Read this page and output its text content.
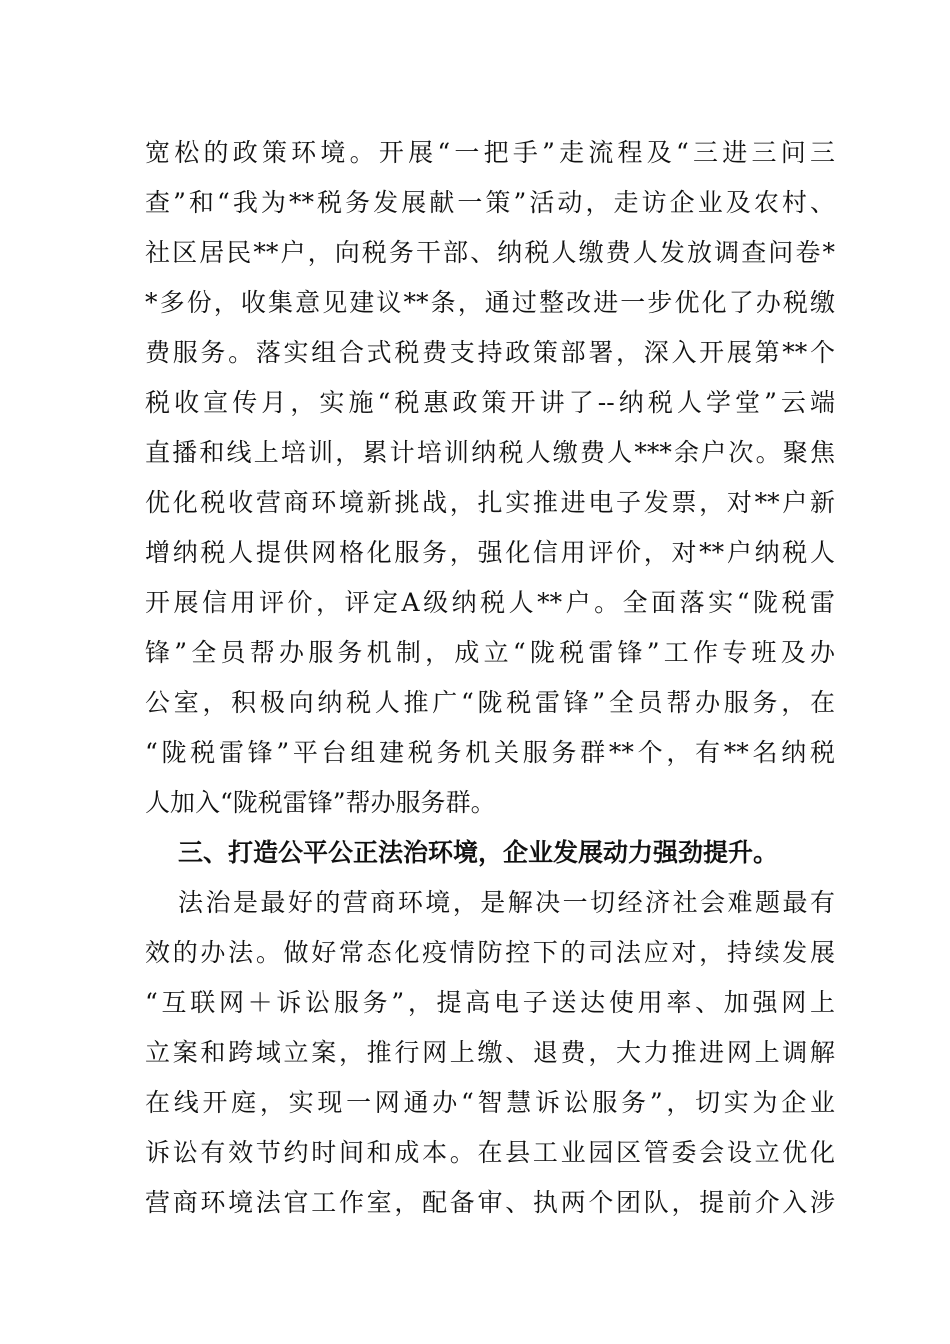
宽松的政策环境。开展“一把手”走流程及“三进三问三
查”和“我为**税务发展献一策”活动，走访企业及农村、
社区居民**户，向税务干部、纳税人缴费人发放调查问卷*
*多份，收集意见建议**条，通过整改进一步优化了办税缴
费服务。落实组合式税费支持政策部署，深入开展第**个
税收宣传月，实施“税惠政策开讲了--纳税人学堂”云端
直播和线上培训，累计培训纳税人缴费人***余户次。聚焦
优化税收营商环境新挑战，扎实推进电子发票，对**户新
增纳税人提供网格化服务，强化信用评价，对**户纳税人
开展信用评价，评定A级纳税人**户。全面落实“陇税雷
锋”全员帮办服务机制，成立“陇税雷锋”工作专班及办
公室，积极向纳税人推广“陇税雷锋”全员帮办服务，在
“陇税雷锋”平台组建税务机关服务群**个，有**名纳税
人加入“陇税雷锋”帮办服务群。
三、打造公平公正法治环境，企业发展动力强劲提升。
法治是最好的营商环境，是解决一切经济社会难题最有
效的办法。做好常态化疫情防控下的司法应对，持续发展
“互联网＋诉讼服务”，提高电子送达使用率、加强网上
立案和跨域立案，推行网上缴、退费，大力推进网上调解
在线开庭，实现一网通办“智慧诉讼服务”，切实为企业
诉讼有效节约时间和成本。在县工业园区管委会设立优化
营商环境法官工作室，配备审、执两个团队，提前介入涉
